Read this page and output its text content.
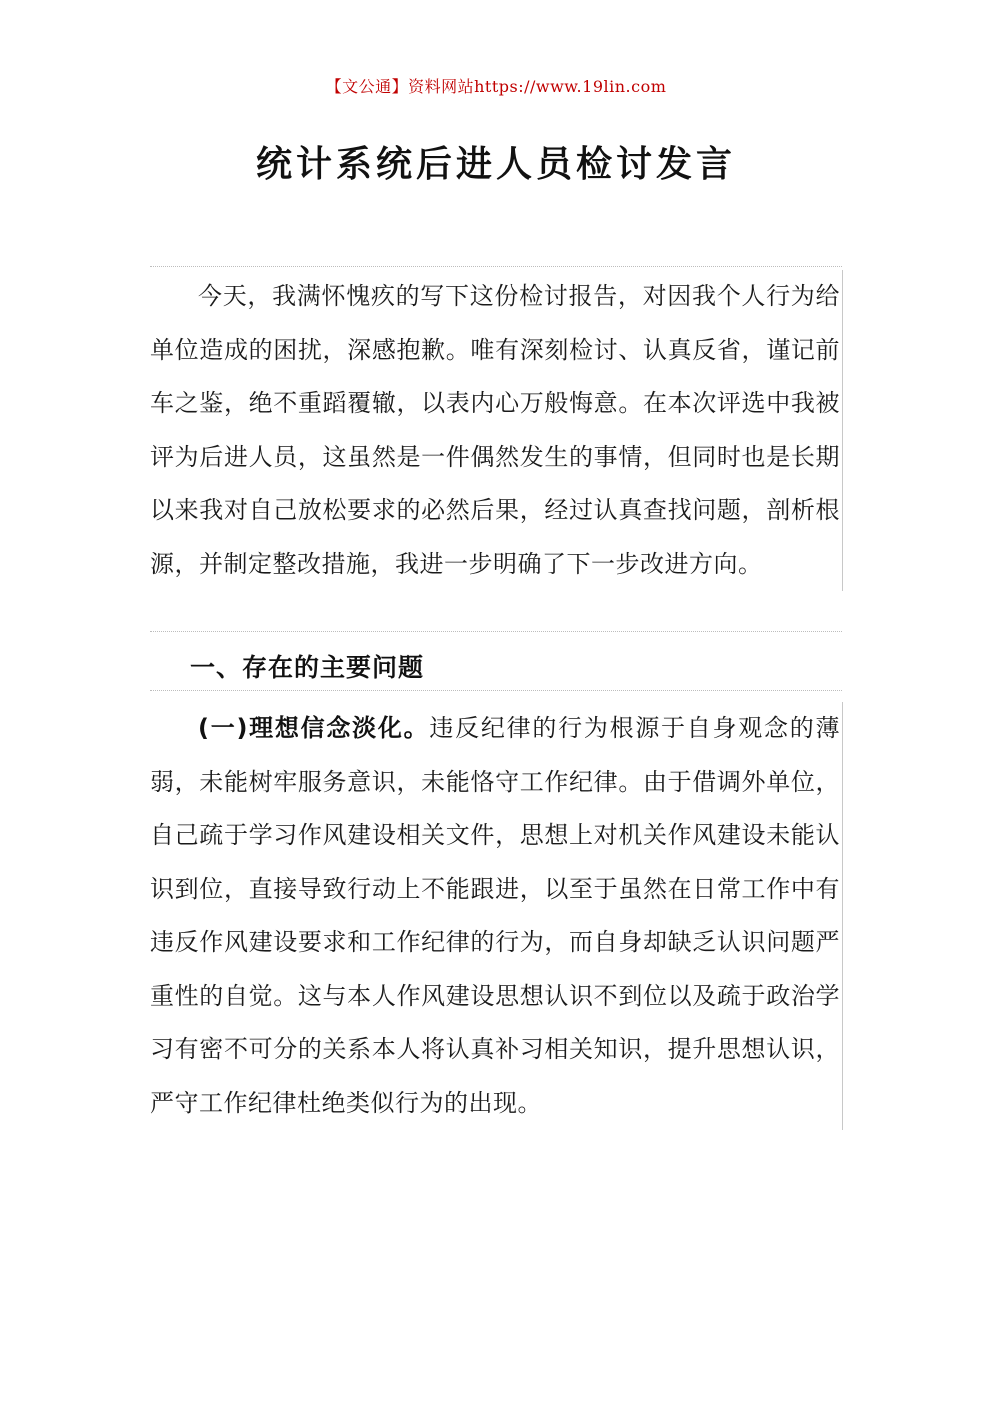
【文公通】资料网站https://www.19lin.com
统计系统后进人员检讨发言

今天，我满怀愧疚的写下这份检讨报告，对因我个人行为给单位造成的困扰，深感抱歉。唯有深刻检讨、认真反省，谨记前车之鉴，绝不重蹈覆辙，以表内心万般悔意。在本次评选中我被评为后进人员，这虽然是一件偶然发生的事情，但同时也是长期以来我对自己放松要求的必然后果，经过认真查找问题，剖析根源，并制定整改措施，我进一步明确了下一步改进方向。

一、存在的主要问题

(一)理想信念淡化。违反纪律的行为根源于自身观念的薄弱，未能树牢服务意识，未能恪守工作纪律。由于借调外单位，自己疏于学习作风建设相关文件，思想上对机关作风建设未能认识到位，直接导致行动上不能跟进，以至于虽然在日常工作中有违反作风建设要求和工作纪律的行为，而自身却缺乏认识问题严重性的自觉。这与本人作风建设思想认识不到位以及疏于政治学习有密不可分的关系本人将认真补习相关知识，提升思想认识，严守工作纪律杜绝类似行为的出现。
